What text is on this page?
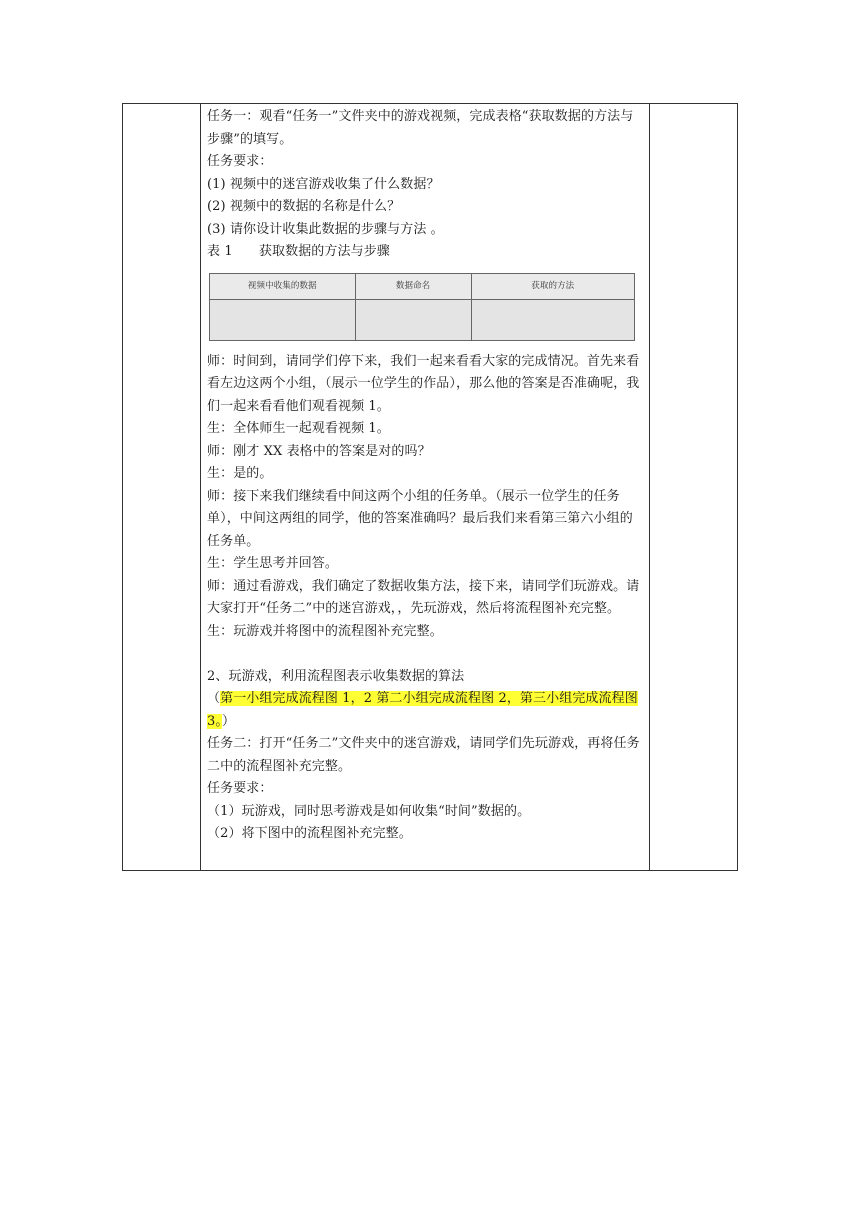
任务一：观看“任务一”文件夹中的游戏视频，完成表格“获取数据的方法与步骤”的填写。

任务要求：

(1) 视频中的迷宫游戏收集了什么数据？

(2) 视频中的数据的名称是什么？

(3) 请你设计收集此数据的步骤与方法 。

表 1　　获取数据的方法与步骤

视频中收集的数据	数据命名	获取的方法

师：时间到，请同学们停下来，我们一起来看看大家的完成情况。首先来看看左边这两个小组，（展示一位学生的作品），那么他的答案是否准确呢，我们一起来看看他们观看视频 1。

生：全体师生一起观看视频 1。

师：刚才 XX 表格中的答案是对的吗？

生：是的。

师：接下来我们继续看中间这两个小组的任务单。（展示一位学生的任务单），中间这两组的同学，他的答案准确吗？最后我们来看第三第六小组的任务单。

生：学生思考并回答。

师：通过看游戏，我们确定了数据收集方法，接下来，请同学们玩游戏。请大家打开“任务二”中的迷宫游戏，，先玩游戏，然后将流程图补充完整。

生：玩游戏并将图中的流程图补充完整。

2、玩游戏，利用流程图表示收集数据的算法

（第一小组完成流程图 1，2 第二小组完成流程图 2，第三小组完成流程图 3。）

任务二：打开“任务二”文件夹中的迷宫游戏，请同学们先玩游戏，再将任务二中的流程图补充完整。

任务要求：

（1）玩游戏，同时思考游戏是如何收集“时间”数据的。

（2）将下图中的流程图补充完整。
